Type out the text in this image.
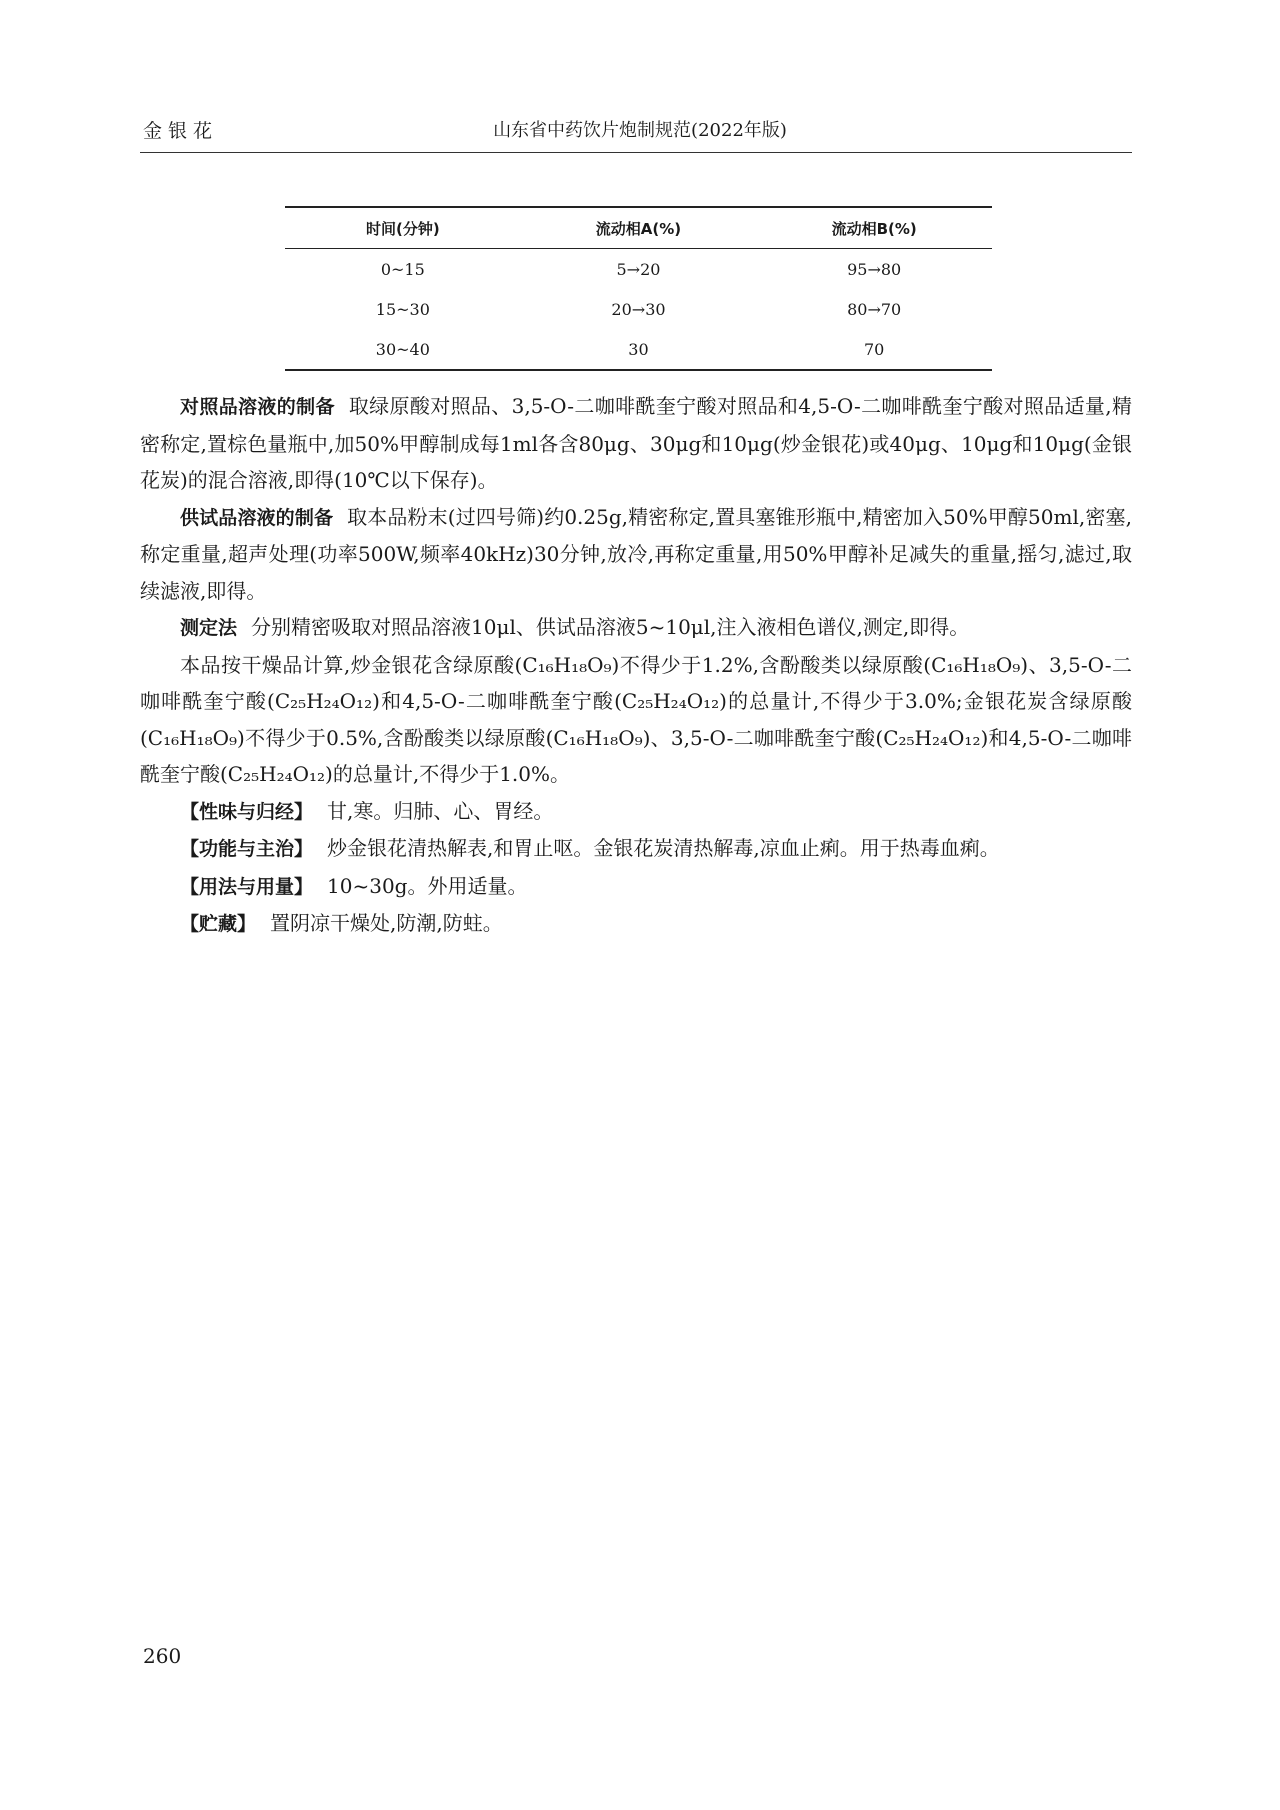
金银花	山东省中药饮片炮制规范(2022年版)
时间(分钟)	流动相A(%)	流动相B(%)
0~15	5→20	95→80
15~30	20→30	80→70
30~40	30	70

对照品溶液的制备 取绿原酸对照品、3,5-O-二咖啡酰奎宁酸对照品和4,5-O-二咖啡酰奎宁酸对照品适量,精密称定,置棕色量瓶中,加50%甲醇制成每1ml各含80μg、30μg和10μg(炒金银花)或40μg、10μg和10μg(金银花炭)的混合溶液,即得(10℃以下保存)。

供试品溶液的制备 取本品粉末(过四号筛)约0.25g,精密称定,置具塞锥形瓶中,精密加入50%甲醇50ml,密塞,称定重量,超声处理(功率500W,频率40kHz)30分钟,放冷,再称定重量,用50%甲醇补足减失的重量,摇匀,滤过,取续滤液,即得。

测定法 分别精密吸取对照品溶液10μl、供试品溶液5~10μl,注入液相色谱仪,测定,即得。

本品按干燥品计算,炒金银花含绿原酸(C₁₆H₁₈O₉)不得少于1.2%,含酚酸类以绿原酸(C₁₆H₁₈O₉)、3,5-O-二咖啡酰奎宁酸(C₂₅H₂₄O₁₂)和4,5-O-二咖啡酰奎宁酸(C₂₅H₂₄O₁₂)的总量计,不得少于3.0%;金银花炭含绿原酸(C₁₆H₁₈O₉)不得少于0.5%,含酚酸类以绿原酸(C₁₆H₁₈O₉)、3,5-O-二咖啡酰奎宁酸(C₂₅H₂₄O₁₂)和4,5-O-二咖啡酰奎宁酸(C₂₅H₂₄O₁₂)的总量计,不得少于1.0%。

【性味与归经】 甘,寒。归肺、心、胃经。

【功能与主治】 炒金银花清热解表,和胃止呕。金银花炭清热解毒,凉血止痢。用于热毒血痢。

【用法与用量】 10~30g。外用适量。

【贮藏】 置阴凉干燥处,防潮,防蛀。

260
